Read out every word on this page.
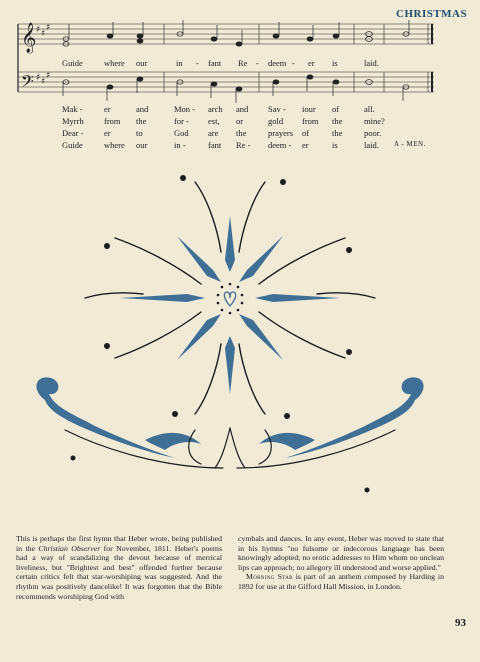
CHRISTMAS
𝄞
𝄢
♯ ♯
♯
♯ ♯
♯
Guide where our	in - fant Re - deem - er is	laid.
Mak -	er	and	Mon - arch and Sav - iour of	all.
Myrrh from the	for - est, or	gold from the	mine?
Dear - er	to	God are the	prayers of	the	poor.
Guide where our	in -	fant Re - deem - er	is	laid. A - MEN.

This is perhaps the first hymn that Heber wrote, being published in the Christian Observer for November, 1811. Heber's poems had a way of scandalizing the devout because of merrical liveliness, but "Brightest and best" offended further because certain critics felt that star-worshiping was suggested. And the rhythm was positively dancelike! It was forgotten that the Bible recommends worshiping God with

cymbals and dances. In any event, Heber was moved to state that in his hymns "no fulsome or indecorous language has been knowingly adopted; no erotic addresses to Him whom no unclean lips can approach; no allegory ill understood and worse applied."

Morning Star is part of an anthem composed by Harding in 1892 for use at the Gifford Hall Mission, in London.

93
